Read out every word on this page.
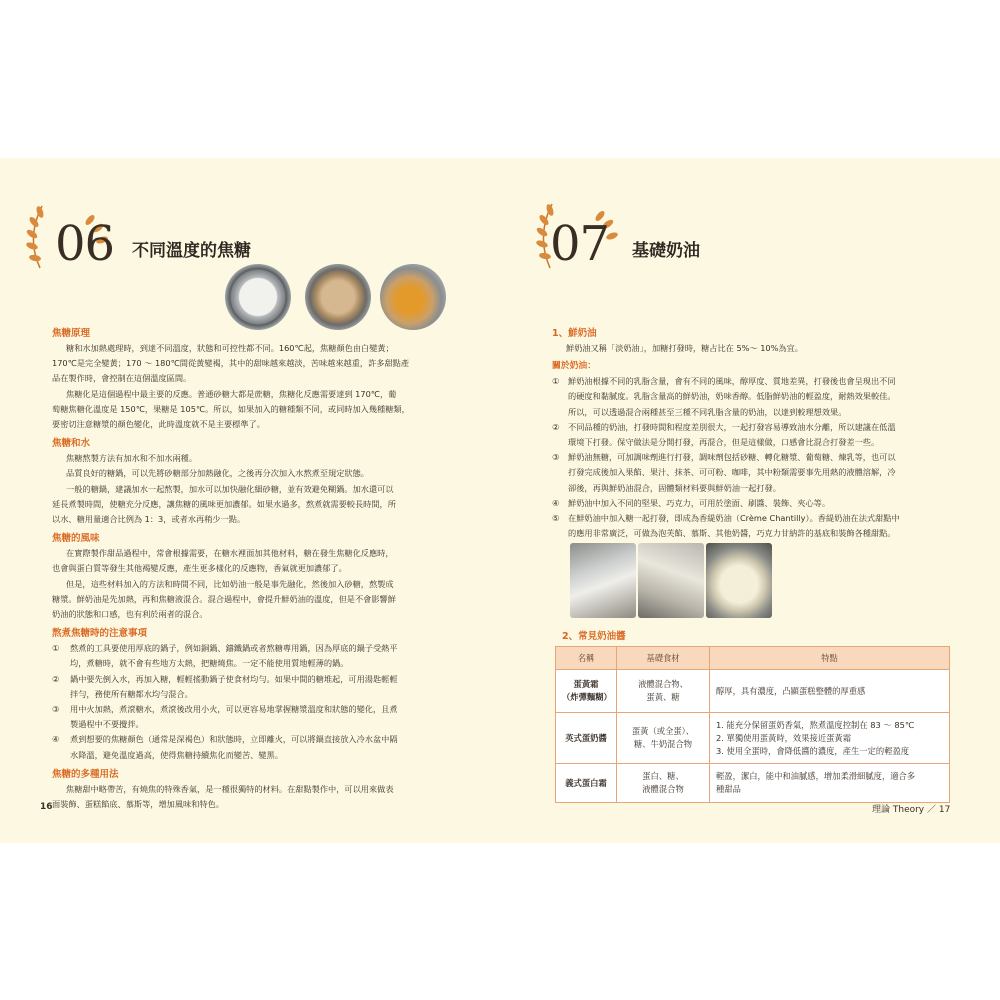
06 不同溫度的焦糖
焦糖原理
糖和水加熱處理時，到達不同溫度，狀態和可控性都不同。160℃起，焦糖顏色由白變黃；
170℃是完全變黃；170 ～ 180℃間從黃變褐，其中的甜味越來越淡，苦味越來越重，許多甜點產
品在製作時，會控制在這個溫度區間。
焦糖化是這個過程中最主要的反應。普通砂糖大都是蔗糖，焦糖化反應需要達到 170℃，葡
萄糖焦糖化溫度是 150℃，果糖是 105℃。所以，如果加入的糖種類不同，或同時加入幾種糖類，
要密切注意糖漿的顏色變化，此時溫度就不是主要標準了。
焦糖和水
焦糖熬製方法有加水和不加水兩種。
品質良好的糖鍋，可以先將砂糖部分加熱融化，之後再分次加入水熬煮至規定狀態。
一般的糖鍋，建議加水一起熬製，加水可以加快融化細砂糖，並有效避免糊鍋。加水還可以
延長煮製時間，使糖充分反應，讓焦糖的風味更加濃郁。如果水過多，熬煮就需要較長時間，所
以水、糖用量適合比例為 1：3，或者水再稍少一點。
焦糖的風味
在實際製作甜品過程中，常會根據需要，在糖水裡面加其他材料，糖在發生焦糖化反應時，
也會與蛋白質等發生其他褐變反應，產生更多樣化的反應物，香氣就更加濃郁了。
但是，這些材料加入的方法和時間不同，比如奶油一般是事先融化，然後加入砂糖，熬製成
糖漿。鮮奶油是先加熱，再和焦糖液混合。混合過程中，會提升鮮奶油的溫度，但是不會影響鮮
奶油的狀態和口感，也有利於兩者的混合。
熬煮焦糖時的注意事項
① 熬煮的工具要使用厚底的鍋子，例如銅鍋、鑄鐵鍋或者熬糖專用鍋，因為厚底的鍋子受熱平
均，煮糖時，就不會有些地方太熱，把糖燒焦。一定不能使用質地輕薄的鍋。
② 鍋中要先倒入水，再加入糖，輕輕搖動鍋子使食材均勻。如果中間的糖堆起，可用湯匙輕輕
拌勻，務使所有糖都水均勻混合。
③ 用中火加熱，煮滾糖水，煮滾後改用小火，可以更容易地掌握糖漿溫度和狀態的變化，且煮
製過程中不要攪拌。
④ 煮到想要的焦糖顏色（通常是深褐色）和狀態時，立即離火，可以將鍋直接放入冷水盆中隔
水降溫，避免溫度過高，使得焦糖持續焦化而變苦、變黑。
焦糖的多種用法
焦糖甜中略帶苦，有燒焦的特殊香氣，是一種很獨特的材料。在甜點製作中，可以用來做表
面裝飾、蛋糕餡底、慕斯等，增加風味和特色。
16
07 基礎奶油
1、鮮奶油
鮮奶油又稱「淡奶油」，加糖打發時，糖占比在 5%～ 10%為宜。
關於奶油：
① 鮮奶油根據不同的乳脂含量，會有不同的風味，醇厚度、質地差異，打發後也會呈現出不同
的硬度和黏膩度。乳脂含量高的鮮奶油，奶味香醇。低脂鮮奶油的輕盈度，耐熱效果較佳。
所以，可以透過混合兩種甚至三種不同乳脂含量的奶油，以達到較理想效果。
② 不同品種的奶油，打發時間和程度差別很大，一起打發容易導致油水分離，所以建議在低溫
環境下打發。保守做法是分開打發，再混合，但是這樣做，口感會比混合打發差一些。
③ 鮮奶油無糖，可加調味劑進行打發，調味劑包括砂糖、轉化糖漿、葡萄糖、煉乳等，也可以
打發完成後加入果餡、果汁、抹茶、可可粉、咖啡，其中粉類需要事先用熱的液體溶解，冷
卻後，再與鮮奶油混合，固體類材料要與鮮奶油一起打發。
④ 鮮奶油中加入不同的堅果、巧克力，可用於塗面、刷醬、裝飾、夾心等。
⑤ 在鮮奶油中加入糖一起打發，即成為香緹奶油（Crème Chantilly）。香緹奶油在法式甜點中
的應用非常廣泛，可做為泡芙餡、慕斯、其他奶醬，巧克力甘納許的基底和裝飾各種甜點。
2、常見奶油醬
名稱	基礎食材	特點
蛋黃霜
（炸彈麵糊）	液體混合物、
蛋黃、糖	醇厚，具有濃度，凸顯蛋糕整體的厚重感
英式蛋奶醬	蛋黃（或全蛋）、
糖、牛奶混合物	1. 能充分保留蛋奶香氣，熬煮溫度控制在 83 ～ 85℃
2. 單獨使用蛋黃時，效果接近蛋黃霜
3. 使用全蛋時，會降低醬的濃度，產生一定的輕盈度
義式蛋白霜	蛋白、糖、
液體混合物	輕盈，潔白，能中和油膩感，增加柔滑細膩度，適合多
種甜品
理論 Theory ／ 17
